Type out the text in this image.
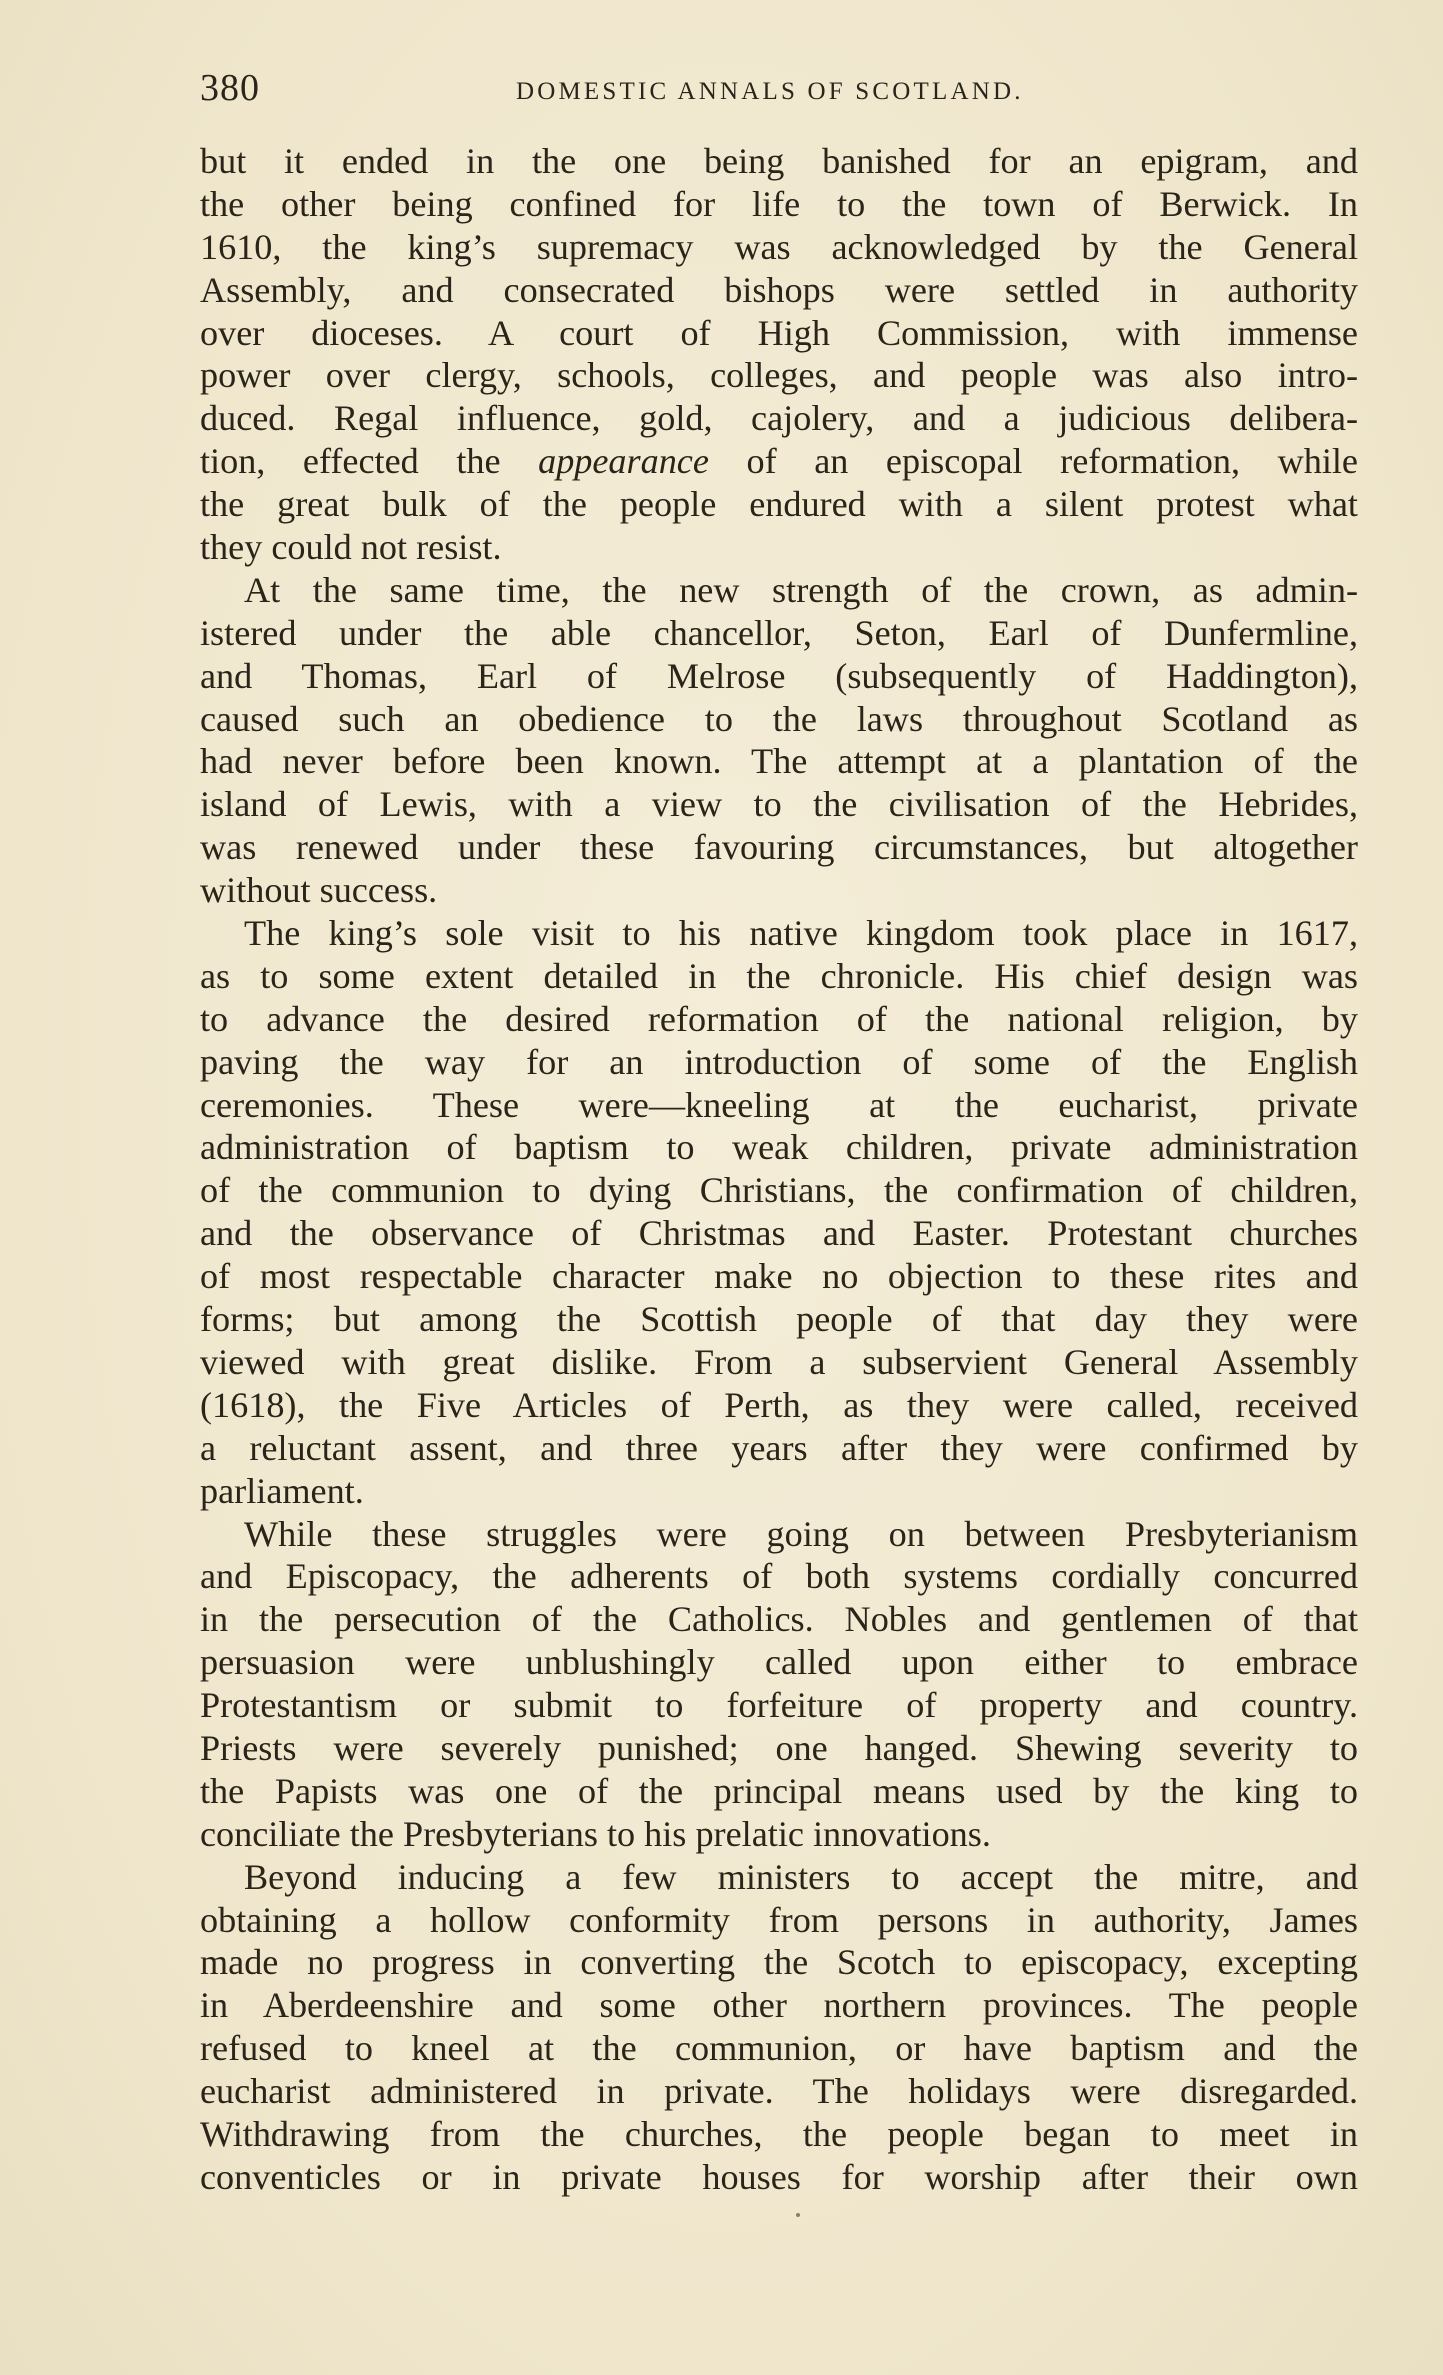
380	DOMESTIC ANNALS OF SCOTLAND.
but it ended in the one being banished for an epigram, and
the other being confined for life to the town of Berwick. In
1610, the king’s supremacy was acknowledged by the General
Assembly, and consecrated bishops were settled in authority
over dioceses. A court of High Commission, with immense
power over clergy, schools, colleges, and people was also intro-
duced. Regal influence, gold, cajolery, and a judicious delibera-
tion, effected the appearance of an episcopal reformation, while
the great bulk of the people endured with a silent protest what
they could not resist.
At the same time, the new strength of the crown, as admin-
istered under the able chancellor, Seton, Earl of Dunfermline,
and Thomas, Earl of Melrose (subsequently of Haddington),
caused such an obedience to the laws throughout Scotland as
had never before been known. The attempt at a plantation of the
island of Lewis, with a view to the civilisation of the Hebrides,
was renewed under these favouring circumstances, but altogether
without success.
The king’s sole visit to his native kingdom took place in 1617,
as to some extent detailed in the chronicle. His chief design was
to advance the desired reformation of the national religion, by
paving the way for an introduction of some of the English
ceremonies. These were—kneeling at the eucharist, private
administration of baptism to weak children, private administration
of the communion to dying Christians, the confirmation of children,
and the observance of Christmas and Easter. Protestant churches
of most respectable character make no objection to these rites and
forms; but among the Scottish people of that day they were
viewed with great dislike. From a subservient General Assembly
(1618), the Five Articles of Perth, as they were called, received
a reluctant assent, and three years after they were confirmed by
parliament.
While these struggles were going on between Presbyterianism
and Episcopacy, the adherents of both systems cordially concurred
in the persecution of the Catholics. Nobles and gentlemen of that
persuasion were unblushingly called upon either to embrace
Protestantism or submit to forfeiture of property and country.
Priests were severely punished; one hanged. Shewing severity to
the Papists was one of the principal means used by the king to
conciliate the Presbyterians to his prelatic innovations.
Beyond inducing a few ministers to accept the mitre, and
obtaining a hollow conformity from persons in authority, James
made no progress in converting the Scotch to episcopacy, excepting
in Aberdeenshire and some other northern provinces. The people
refused to kneel at the communion, or have baptism and the
eucharist administered in private. The holidays were disregarded.
Withdrawing from the churches, the people began to meet in
conventicles or in private houses for worship after their own
